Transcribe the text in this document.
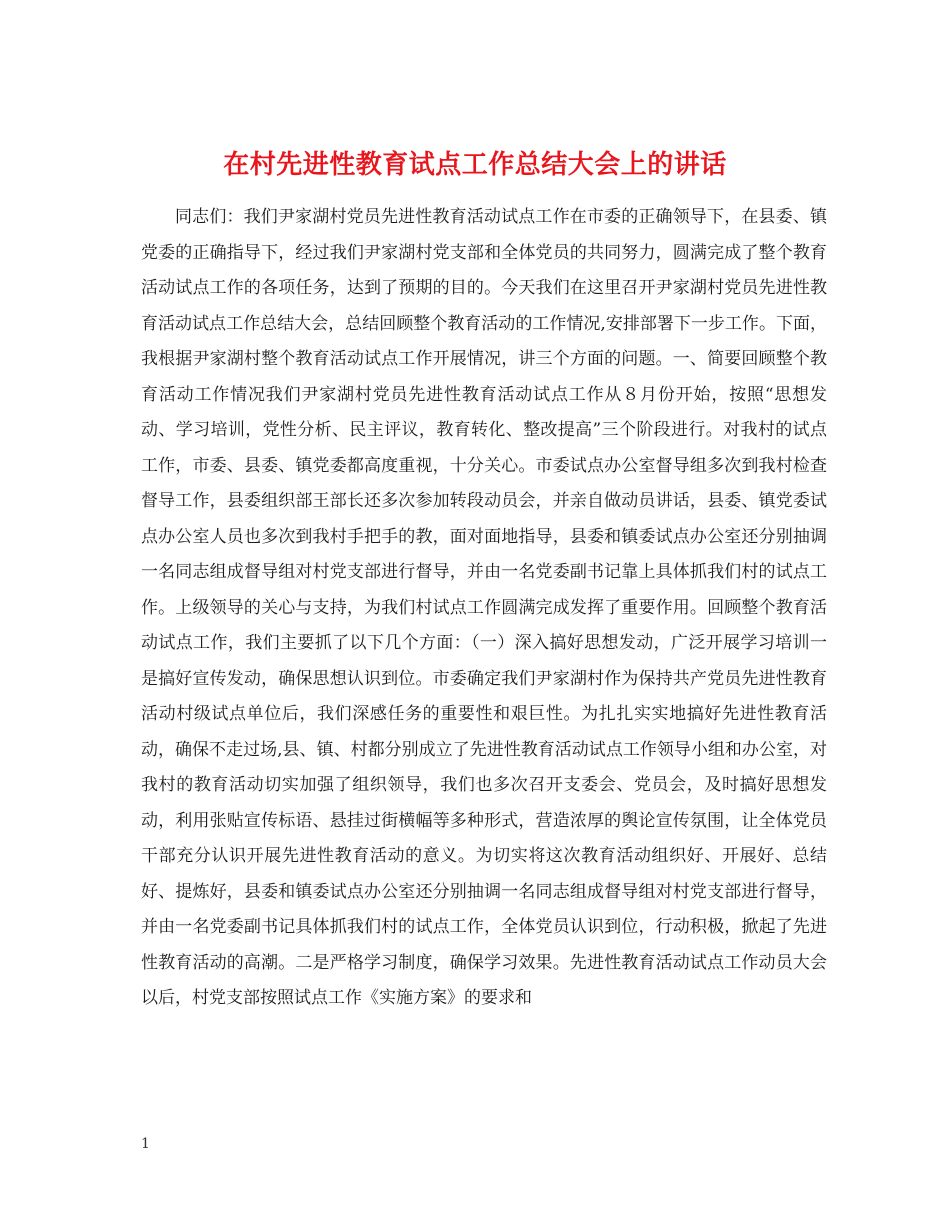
在村先进性教育试点工作总结大会上的讲话

同志们：我们尹家湖村党员先进性教育活动试点工作在市委的正确领导下，在县委、镇党委的正确指导下，经过我们尹家湖村党支部和全体党员的共同努力，圆满完成了整个教育活动试点工作的各项任务，达到了预期的目的。今天我们在这里召开尹家湖村党员先进性教育活动试点工作总结大会，总结回顾整个教育活动的工作情况,安排部署下一步工作。下面，我根据尹家湖村整个教育活动试点工作开展情况，讲三个方面的问题。一、简要回顾整个教育活动工作情况我们尹家湖村党员先进性教育活动试点工作从８月份开始，按照“思想发动、学习培训，党性分析、民主评议，教育转化、整改提高”三个阶段进行。对我村的试点工作，市委、县委、镇党委都高度重视，十分关心。市委试点办公室督导组多次到我村检查督导工作，县委组织部王部长还多次参加转段动员会，并亲自做动员讲话，县委、镇党委试点办公室人员也多次到我村手把手的教，面对面地指导，县委和镇委试点办公室还分别抽调一名同志组成督导组对村党支部进行督导，并由一名党委副书记靠上具体抓我们村的试点工作。上级领导的关心与支持，为我们村试点工作圆满完成发挥了重要作用。回顾整个教育活动试点工作，我们主要抓了以下几个方面：（一）深入搞好思想发动，广泛开展学习培训一是搞好宣传发动，确保思想认识到位。市委确定我们尹家湖村作为保持共产党员先进性教育活动村级试点单位后，我们深感任务的重要性和艰巨性。为扎扎实实地搞好先进性教育活动，确保不走过场,县、镇、村都分别成立了先进性教育活动试点工作领导小组和办公室，对我村的教育活动切实加强了组织领导，我们也多次召开支委会、党员会，及时搞好思想发动，利用张贴宣传标语、悬挂过街横幅等多种形式，营造浓厚的舆论宣传氛围，让全体党员干部充分认识开展先进性教育活动的意义。为切实将这次教育活动组织好、开展好、总结好、提炼好，县委和镇委试点办公室还分别抽调一名同志组成督导组对村党支部进行督导，并由一名党委副书记具体抓我们村的试点工作，全体党员认识到位，行动积极，掀起了先进性教育活动的高潮。二是严格学习制度，确保学习效果。先进性教育活动试点工作动员大会以后，村党支部按照试点工作《实施方案》的要求和

1
